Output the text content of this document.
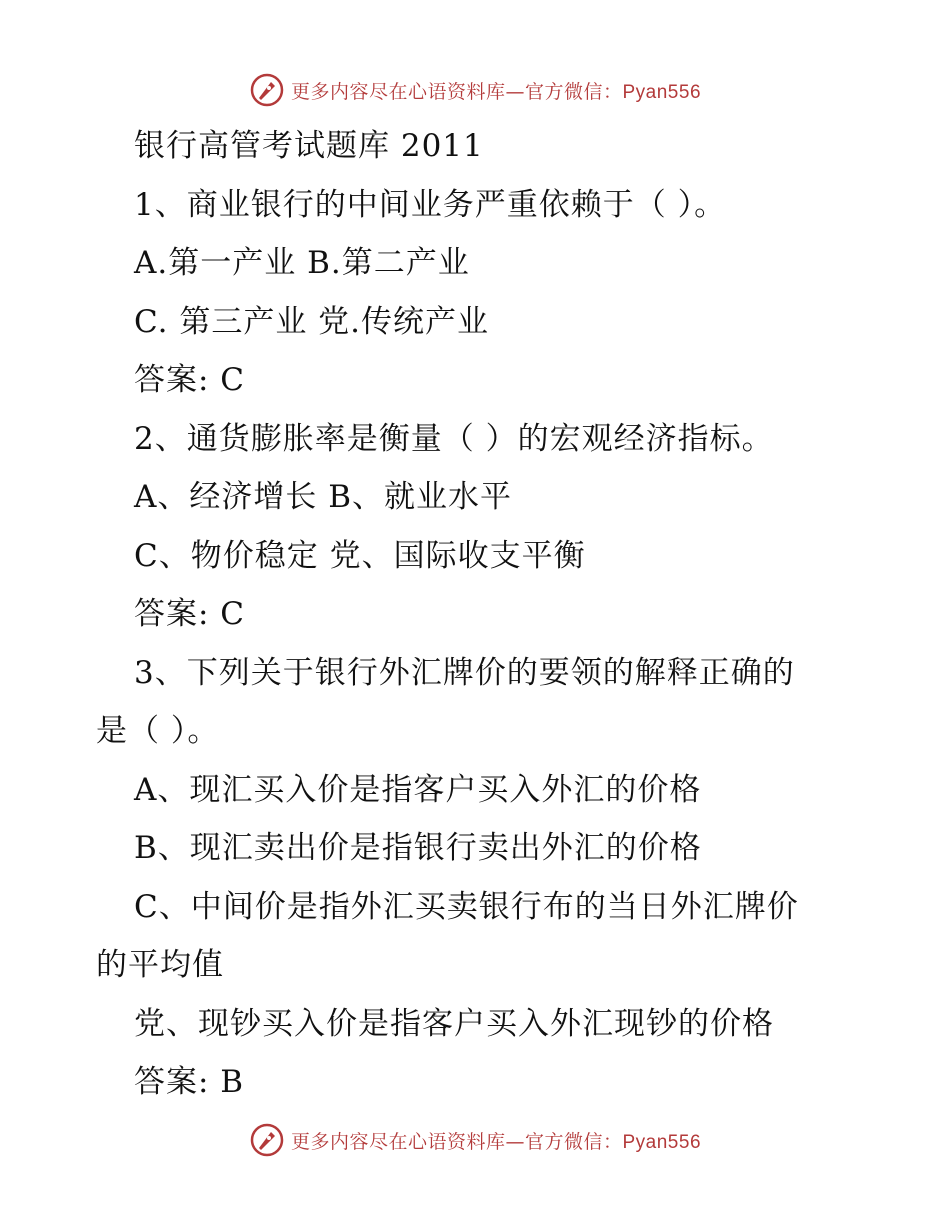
更多内容尽在心语资料库—官方微信：Pyan556
银行高管考试题库 2011
1、商业银行的中间业务严重依赖于（ ）。
A.第一产业 B.第二产业
C. 第三产业 党.传统产业
答案: C
2、通货膨胀率是衡量（ ）的宏观经济指标。
A、经济增长 B、就业水平
C、物价稳定 党、国际收支平衡
答案: C
3、下列关于银行外汇牌价的要领的解释正确的
是（ ）。
A、现汇买入价是指客户买入外汇的价格
B、现汇卖出价是指银行卖出外汇的价格
C、中间价是指外汇买卖银行布的当日外汇牌价
的平均值
党、现钞买入价是指客户买入外汇现钞的价格
答案: B
更多内容尽在心语资料库—官方微信：Pyan556
